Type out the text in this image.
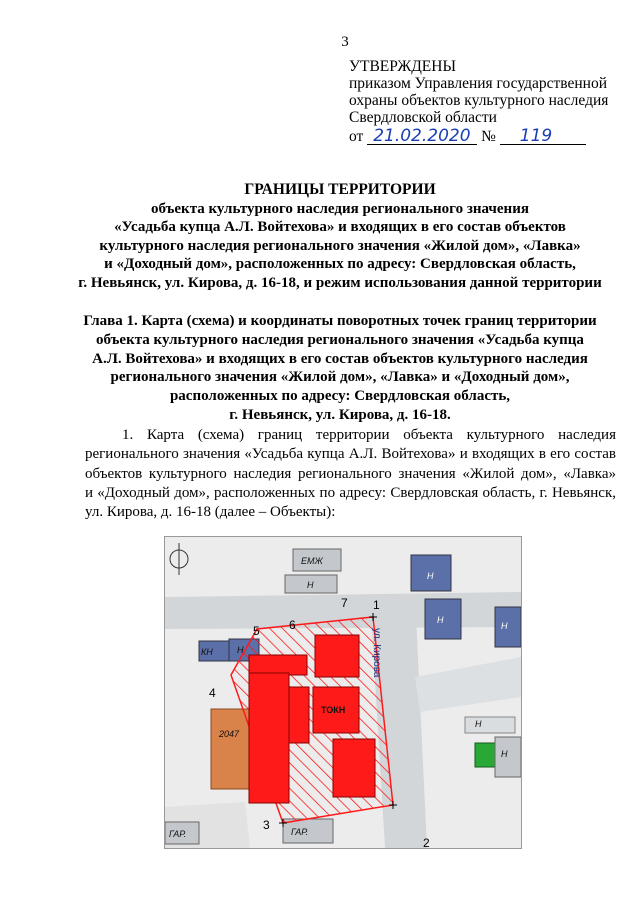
3
УТВЕРЖДЕНЫ
приказом Управления государственной
охраны объектов культурного наследия
Свердловской области
от 21.02.2020 № 119
ГРАНИЦЫ ТЕРРИТОРИИ
объекта культурного наследия регионального значения
«Усадьба купца А.Л. Войтехова» и входящих в его состав объектов
культурного наследия регионального значения «Жилой дом», «Лавка»
и «Доходный дом», расположенных по адресу: Свердловская область,
г. Невьянск, ул. Кирова, д. 16-18, и режим использования данной территории
Глава 1. Карта (схема) и координаты поворотных точек границ территории
объекта культурного наследия регионального значения «Усадьба купца
А.Л. Войтехова» и входящих в его состав объектов культурного наследия
регионального значения «Жилой дом», «Лавка» и «Доходный дом»,
расположенных по адресу: Свердловская область,
г. Невьянск, ул. Кирова, д. 16-18.
1. Карта (схема) границ территории объекта культурного наследия
регионального значения «Усадьба купца А.Л. Войтехова» и входящих в его состав
объектов культурного наследия регионального значения «Жилой дом», «Лавка»
и «Доходный дом», расположенных по адресу: Свердловская область, г. Невьянск,
ул. Кирова, д. 16-18 (далее – Объекты):
ул. Кирова
1
2
3
4
5 6
7
КН	Н
ТОКН
Н
Н
Н
ЕМЖ
Н
ГАР.	ГАР.
2047
Н
Н
